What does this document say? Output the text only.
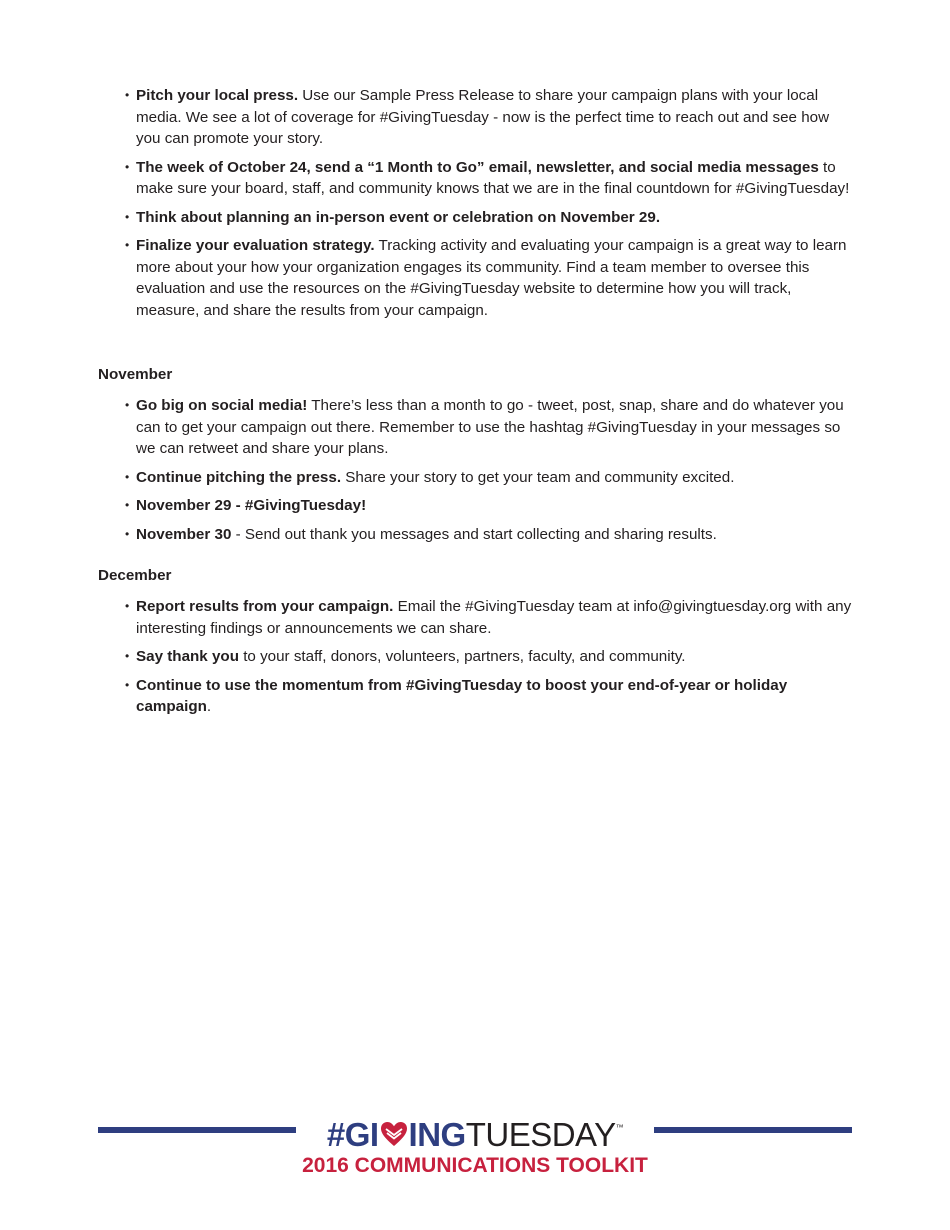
• Pitch your local press. Use our Sample Press Release to share your campaign plans with your local media. We see a lot of coverage for #GivingTuesday - now is the perfect time to reach out and see how you can promote your story.
• The week of October 24, send a “1 Month to Go” email, newsletter, and social media messages to make sure your board, staff, and community knows that we are in the final countdown for #GivingTuesday!
• Think about planning an in-person event or celebration on November 29.
• Finalize your evaluation strategy. Tracking activity and evaluating your campaign is a great way to learn more about your how your organization engages its community. Find a team member to oversee this evaluation and use the resources on the #GivingTuesday website to determine how you will track, measure, and share the results from your campaign.
November
• Go big on social media! There’s less than a month to go - tweet, post, snap, share and do whatever you can to get your campaign out there. Remember to use the hashtag #GivingTuesday in your messages so we can retweet and share your plans.
• Continue pitching the press. Share your story to get your team and community excited.
• November 29 - #GivingTuesday!
• November 30 - Send out thank you messages and start collecting and sharing results.
December
• Report results from your campaign. Email the #GivingTuesday team at info@givingtuesday.org with any interesting findings or announcements we can share.
• Say thank you to your staff, donors, volunteers, partners, faculty, and community.
• Continue to use the momentum from #GivingTuesday to boost your end-of-year or holiday campaign.
#GI INGTUESDAY™
2016 COMMUNICATIONS TOOLKIT
